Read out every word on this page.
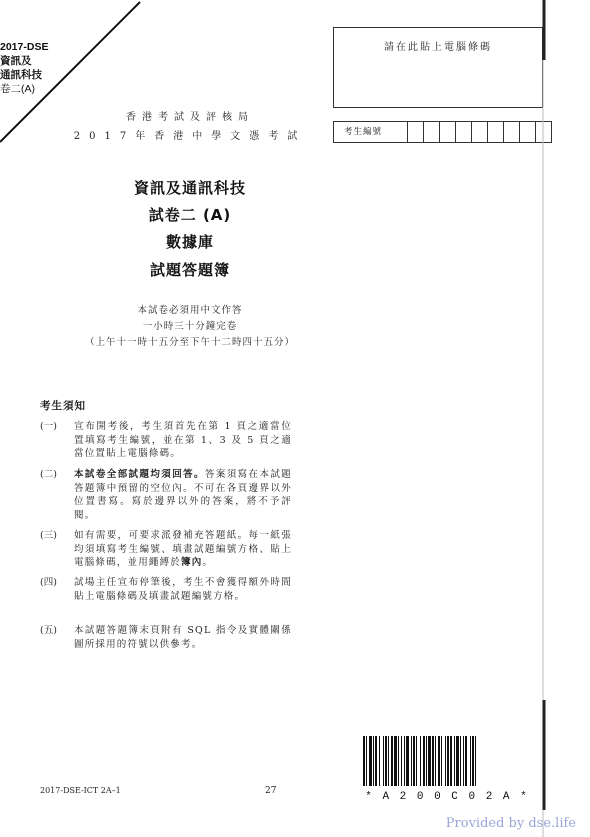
2017-DSE
資訊及
通訊科技
卷二(A)
香港考試及評核局
2017年香港中學文憑考試
資訊及通訊科技
試卷二 (A)
數據庫
試題答題簿
本試卷必須用中文作答
一小時三十分鐘完卷
（上午十一時十五分至下午十二時四十五分）
考生須知
(一)	宣布開考後，考生須首先在第 1 頁之適當位置填寫考生編號，並在第 1、3 及 5 頁之適當位置貼上電腦條碼。
(二)	本試卷全部試題均須回答。答案須寫在本試題答題簿中預留的空位內。不可在各頁邊界以外位置書寫。寫於邊界以外的答案，將不予評閱。
(三)	如有需要，可要求派發補充答題紙。每一紙張均須填寫考生編號、填畫試題編號方格、貼上電腦條碼，並用繩縛於簿內。
(四)	試場主任宣布停筆後，考生不會獲得額外時間貼上電腦條碼及填畫試題編號方格。
(五)	本試題答題簿末頁附有 SQL 指令及實體關係圖所採用的符號以供參考。
請在此貼上電腦條碼
考生編號
2017-DSE-ICT 2A–1	27	* A 2 0 0 C 0 2 A *
Provided by dse.life
